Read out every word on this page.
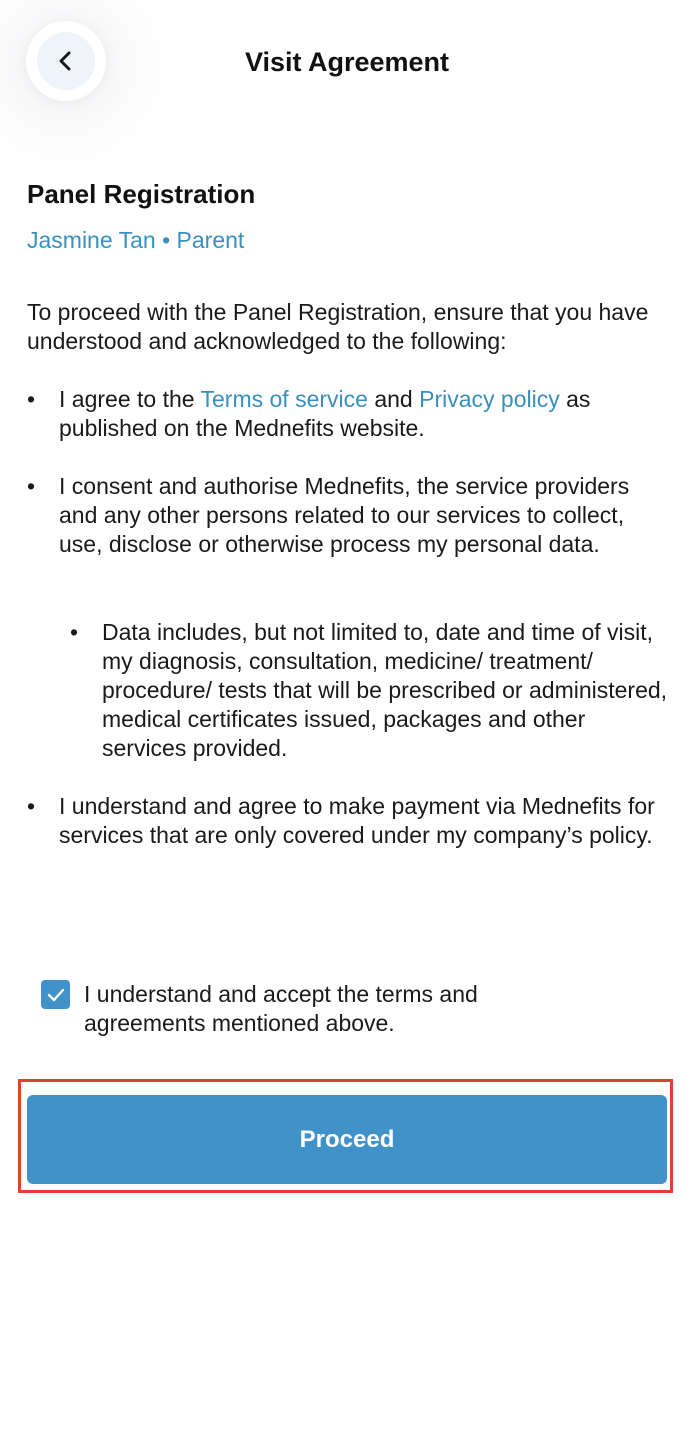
Visit Agreement
Panel Registration
Jasmine Tan • Parent

To proceed with the Panel Registration, ensure that you have understood and acknowledged to the following:

•	I agree to the Terms of service and Privacy policy as published on the Mednefits website.
•	I consent and authorise Mednefits, the service providers and any other persons related to our services to collect, use, disclose or otherwise process my personal data.
•	Data includes, but not limited to, date and time of visit, my diagnosis, consultation, medicine/ treatment/ procedure/ tests that will be prescribed or administered, medical certificates issued, packages and other services provided.
•	I understand and agree to make payment via Mednefits for services that are only covered under my company’s policy.
I understand and accept the terms and agreements mentioned above.
Proceed
